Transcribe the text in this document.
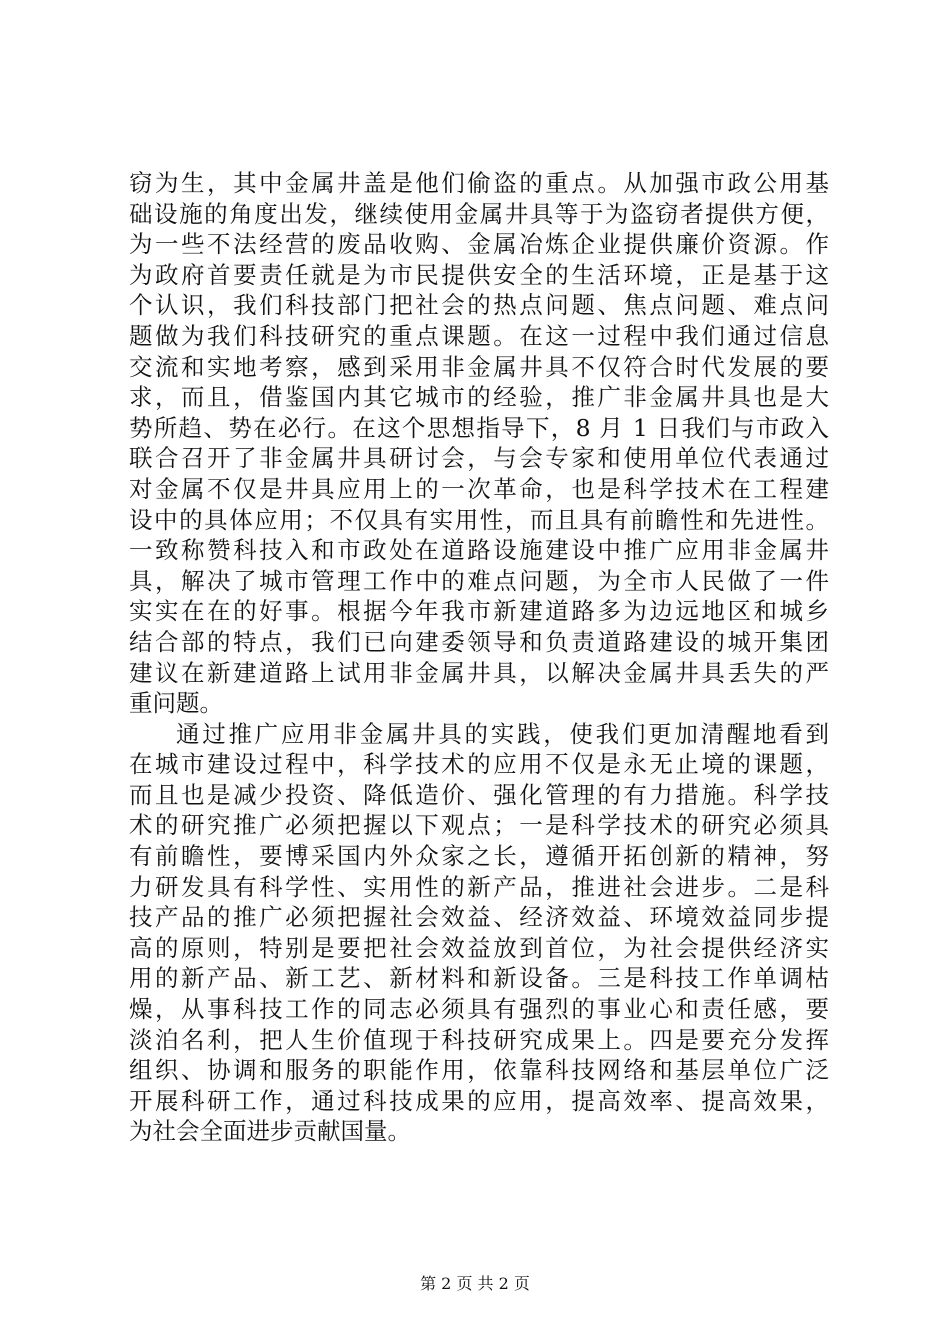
窃为生，其中金属井盖是他们偷盗的重点。从加强市政公用基
础设施的角度出发，继续使用金属井具等于为盗窃者提供方便，
为一些不法经营的废品收购、金属冶炼企业提供廉价资源。作
为政府首要责任就是为市民提供安全的生活环境，正是基于这
个认识，我们科技部门把社会的热点问题、焦点问题、难点问
题做为我们科技研究的重点课题。在这一过程中我们通过信息
交流和实地考察，感到采用非金属井具不仅符合时代发展的要
求，而且，借鉴国内其它城市的经验，推广非金属井具也是大
势所趋、势在必行。在这个思想指导下，8 月 1 日我们与市政入
联合召开了非金属井具研讨会，与会专家和使用单位代表通过
对金属不仅是井具应用上的一次革命，也是科学技术在工程建
设中的具体应用；不仅具有实用性，而且具有前瞻性和先进性。
一致称赞科技入和市政处在道路设施建设中推广应用非金属井
具，解决了城市管理工作中的难点问题，为全市人民做了一件
实实在在的好事。根据今年我市新建道路多为边远地区和城乡
结合部的特点，我们已向建委领导和负责道路建设的城开集团
建议在新建道路上试用非金属井具，以解决金属井具丢失的严
重问题。
通过推广应用非金属井具的实践，使我们更加清醒地看到
在城市建设过程中，科学技术的应用不仅是永无止境的课题，
而且也是减少投资、降低造价、强化管理的有力措施。科学技
术的研究推广必须把握以下观点；一是科学技术的研究必须具
有前瞻性，要博采国内外众家之长，遵循开拓创新的精神，努
力研发具有科学性、实用性的新产品，推进社会进步。二是科
技产品的推广必须把握社会效益、经济效益、环境效益同步提
高的原则，特别是要把社会效益放到首位，为社会提供经济实
用的新产品、新工艺、新材料和新设备。三是科技工作单调枯
燥，从事科技工作的同志必须具有强烈的事业心和责任感，要
淡泊名利，把人生价值现于科技研究成果上。四是要充分发挥
组织、协调和服务的职能作用，依靠科技网络和基层单位广泛
开展科研工作，通过科技成果的应用，提高效率、提高效果，
为社会全面进步贡献国量。
第 2 页 共 2 页
